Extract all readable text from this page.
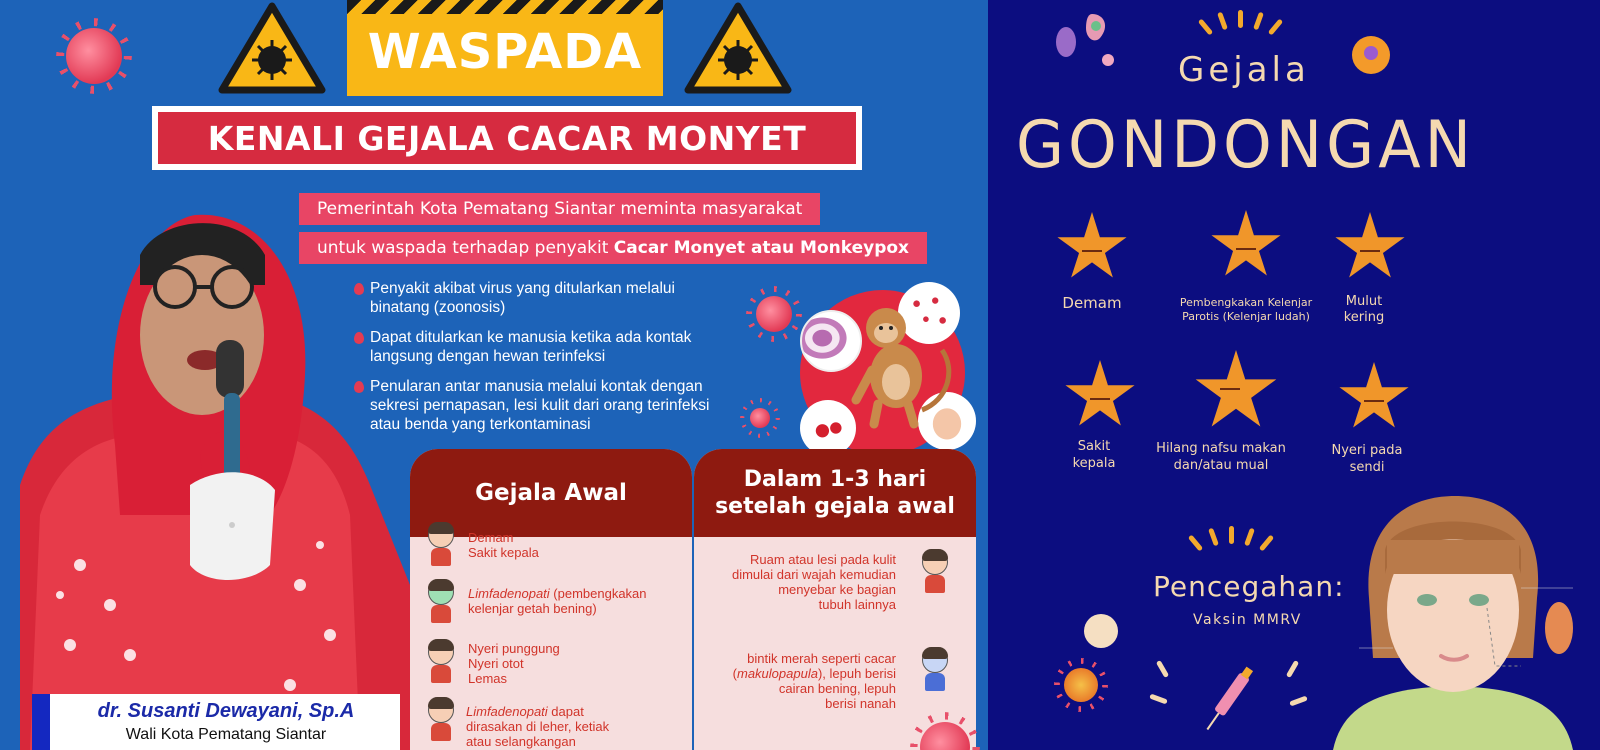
WASPADA
KENALI GEJALA CACAR MONYET
Pemerintah Kota Pematang Siantar meminta masyarakat
untuk waspada terhadap penyakit Cacar Monyet atau Monkeypox
Penyakit akibat virus yang ditularkan melalui binatang (zoonosis)
Dapat ditularkan ke manusia ketika ada kontak langsung dengan hewan terinfeksi
Penularan antar manusia melalui kontak dengan sekresi pernapasan, lesi kulit dari orang terinfeksi atau benda yang terkontaminasi
Gejala Awal
Demam
Sakit kepala
Limfadenopati (pembengkakan
kelenjar getah bening)
Nyeri punggung
Nyeri otot
Lemas
Limfadenopati dapat
dirasakan di leher, ketiak
atau selangkangan
Dalam 1-3 hari
setelah gejala awal
Ruam atau lesi pada kulit
dimulai dari wajah kemudian
menyebar ke bagian
tubuh lainnya
bintik merah seperti cacar
(makulopapula), lepuh berisi
cairan bening, lepuh
berisi nanah
dr. Susanti Dewayani, Sp.A
Wali Kota Pematang Siantar
Gejala
GONDONGAN
Demam	Pembengkakan Kelenjar Parotis (Kelenjar ludah)
Mulut kering
Sakit kepala
Hilang nafsu makan dan/atau mual
Nyeri pada sendi
Pencegahan:
Vaksin MMRV
